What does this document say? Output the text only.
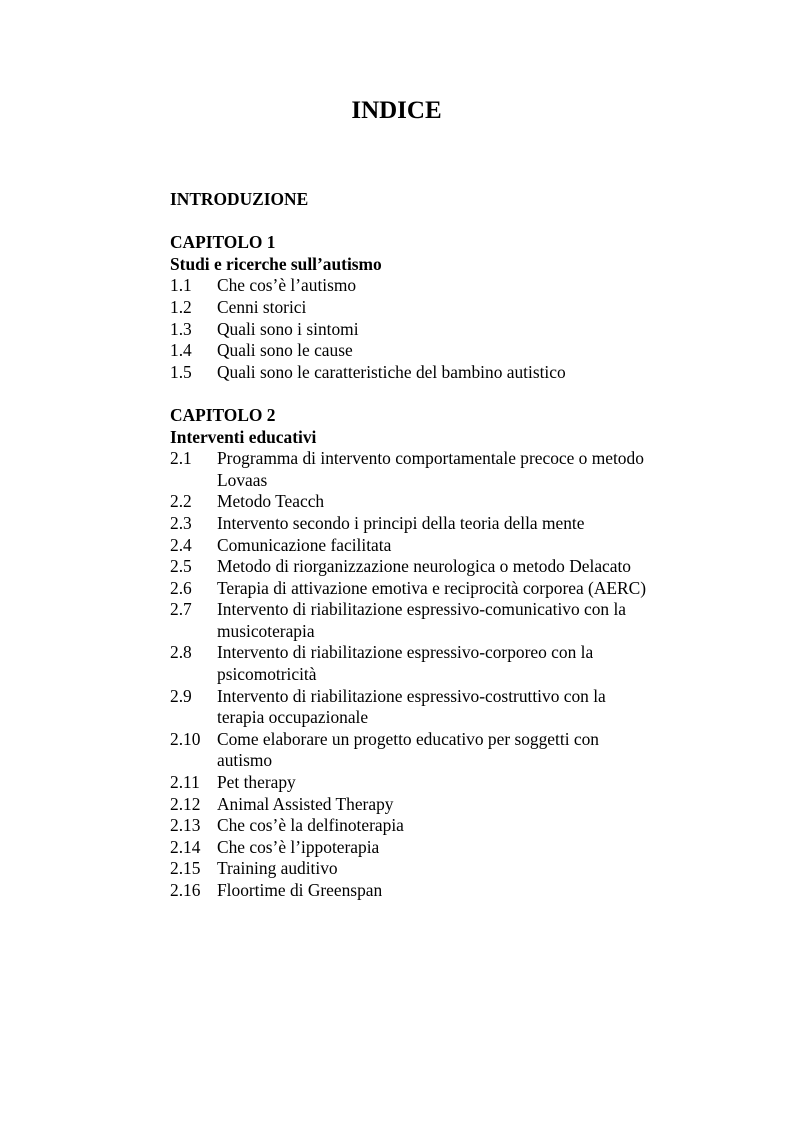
INDICE
INTRODUZIONE
CAPITOLO 1
Studi e ricerche sull’autismo
1.1	Che cos’è l’autismo
1.2	Cenni storici
1.3	Quali sono i sintomi
1.4	Quali sono le cause
1.5	Quali sono le caratteristiche del bambino autistico
CAPITOLO 2
Interventi educativi
2.1	Programma di intervento comportamentale precoce o metodo Lovaas
2.2	Metodo Teacch
2.3	Intervento secondo i principi della teoria della mente
2.4	Comunicazione facilitata
2.5	Metodo di riorganizzazione neurologica o metodo Delacato
2.6	Terapia di attivazione emotiva e reciprocità corporea (AERC)
2.7	Intervento di riabilitazione espressivo-comunicativo con la musicoterapia
2.8	Intervento di riabilitazione espressivo-corporeo con la psicomotricità
2.9	Intervento di riabilitazione espressivo-costruttivo con la terapia occupazionale
2.10 Come elaborare un progetto educativo per soggetti con autismo
2.11 Pet therapy
2.12 Animal Assisted Therapy
2.13 Che cos’è la delfinoterapia
2.14 Che cos’è l’ippoterapia
2.15 Training auditivo
2.16 Floortime di Greenspan
